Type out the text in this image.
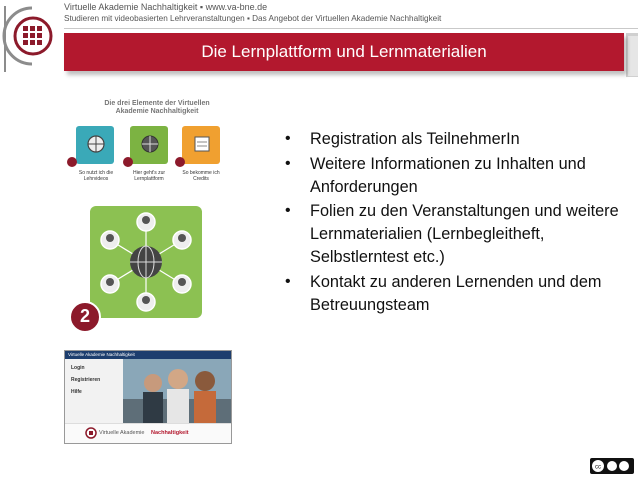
Virtuelle Akademie Nachhaltigkeit ▪ www.va-bne.de
Studieren mit videobasierten Lehrveranstaltungen ▪ Das Angebot der Virtuellen Akademie Nachhaltigkeit
Die Lernplattform und Lernmaterialien
Die drei Elemente der Virtuellen Akademie Nachhaltigkeit
So nutzt ich die Lehrvideos
Hier geht's zur Lernplattform
So bekomme ich Credits
2
Virtuelle Akademie Nachhaltigkeit
Login
Registrieren
Hilfe
Virtuelle Akademie Nachhaltigkeit
• Registration als TeilnehmerIn
• Weitere Informationen zu Inhalten und Anforderungen
• Folien zu den Veranstaltungen und weitere Lernmaterialien (Lernbegleitheft, Selbstlerntest etc.)
• Kontakt zu anderen Lernenden und dem Betreuungsteam
cc
